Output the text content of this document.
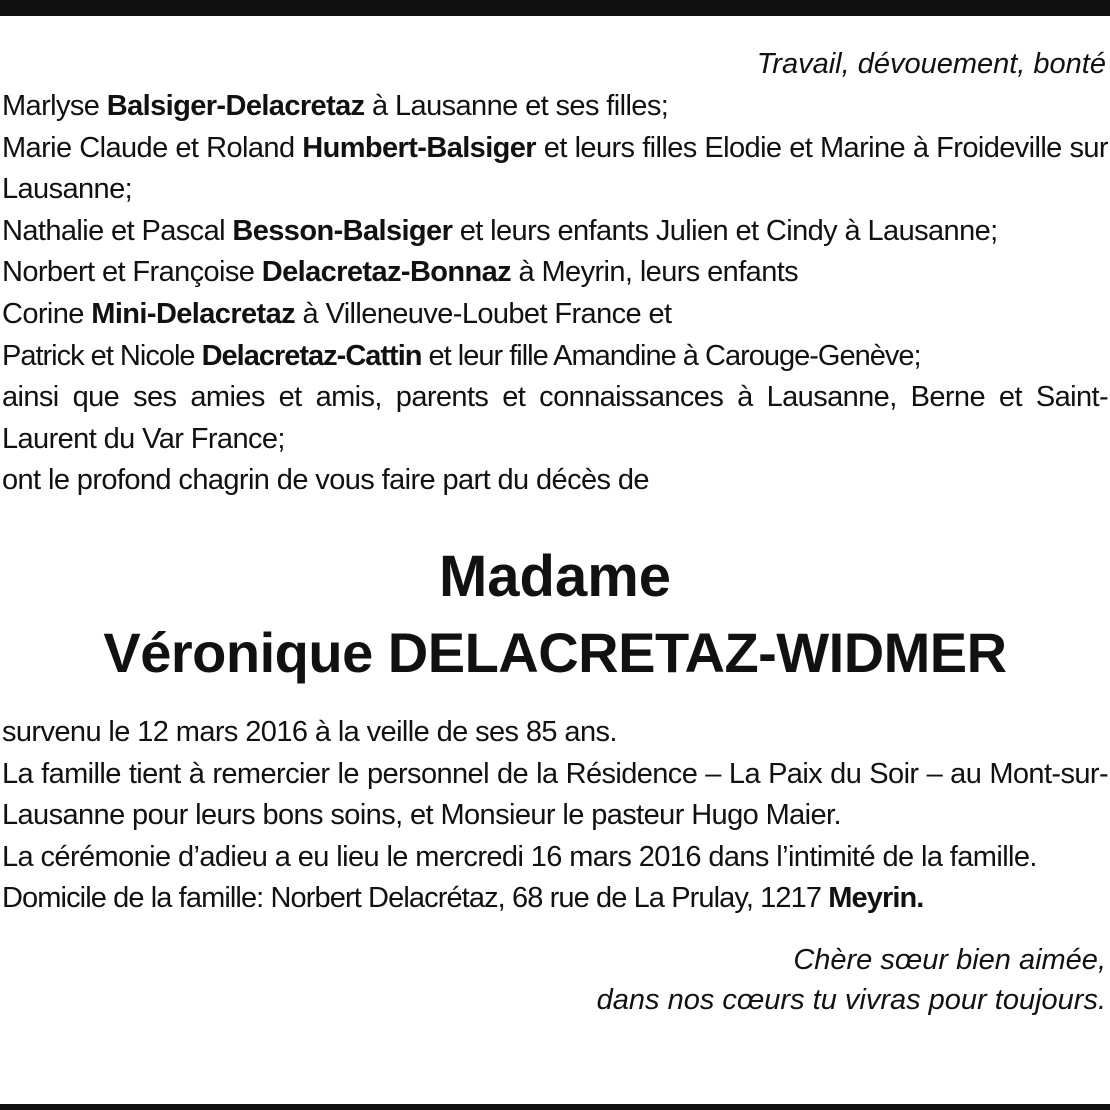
Travail, dévouement, bonté

Marlyse Balsiger-Delacretaz à Lausanne et ses filles;

Marie Claude et Roland Humbert-Balsiger et leurs filles Elodie et Marine à Froideville sur Lausanne;

Nathalie et Pascal Besson-Balsiger et leurs enfants Julien et Cindy à Lausanne;

Norbert et Françoise Delacretaz-Bonnaz à Meyrin, leurs enfants

Corine Mini-Delacretaz à Villeneuve-Loubet France et

Patrick et Nicole Delacretaz-Cattin et leur fille Amandine à Carouge-Genève;

ainsi que ses amies et amis, parents et connaissances à Lausanne, Berne et Saint-Laurent du Var France;

ont le profond chagrin de vous faire part du décès de

Madame
Véronique DELACRETAZ-WIDMER

survenu le 12 mars 2016 à la veille de ses 85 ans.

La famille tient à remercier le personnel de la Résidence – La Paix du Soir – au Mont-sur-Lausanne pour leurs bons soins, et Monsieur le pasteur Hugo Maier.

La cérémonie d’adieu a eu lieu le mercredi 16 mars 2016 dans l’intimité de la famille.

Domicile de la famille: Norbert Delacrétaz, 68 rue de La Prulay, 1217 Meyrin.

Chère sœur bien aimée,
dans nos cœurs tu vivras pour toujours.
